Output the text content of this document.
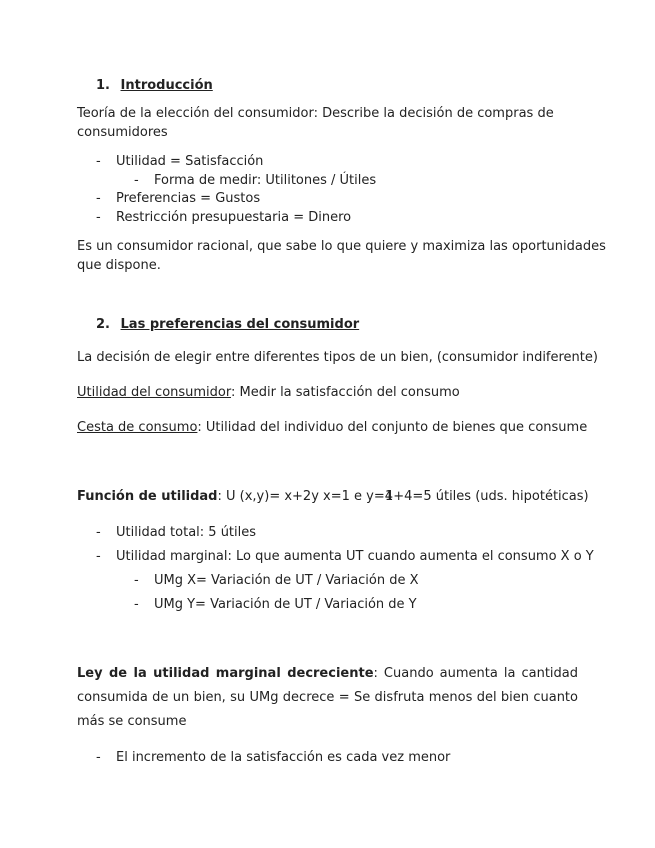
1. Introducción
Teoría de la elección del consumidor: Describe la decisión de compras de
consumidores
- Utilidad = Satisfacción
- Forma de medir: Utilitones / Útiles
- Preferencias = Gustos
- Restricción presupuestaria = Dinero
Es un consumidor racional, que sabe lo que quiere y maximiza las oportunidades
que dispone.
2. Las preferencias del consumidor
La decisión de elegir entre diferentes tipos de un bien, (consumidor indiferente)
Utilidad del consumidor: Medir la satisfacción del consumo
Cesta de consumo: Utilidad del individuo del conjunto de bienes que consume
Función de utilidad: U (x,y)= x+2y x=1 e y=4
1+4=5 útiles (uds. hipotéticas)
- Utilidad total: 5 útiles
- Utilidad marginal: Lo que aumenta UT cuando aumenta el consumo X o Y
- UMg X= Variación de UT / Variación de X
- UMg Y= Variación de UT / Variación de Y
Ley de la utilidad marginal decreciente: Cuando aumenta la cantidad consumida de un bien, su UMg decrece = Se disfruta menos del bien cuanto más se consume
- El incremento de la satisfacción es cada vez menor
